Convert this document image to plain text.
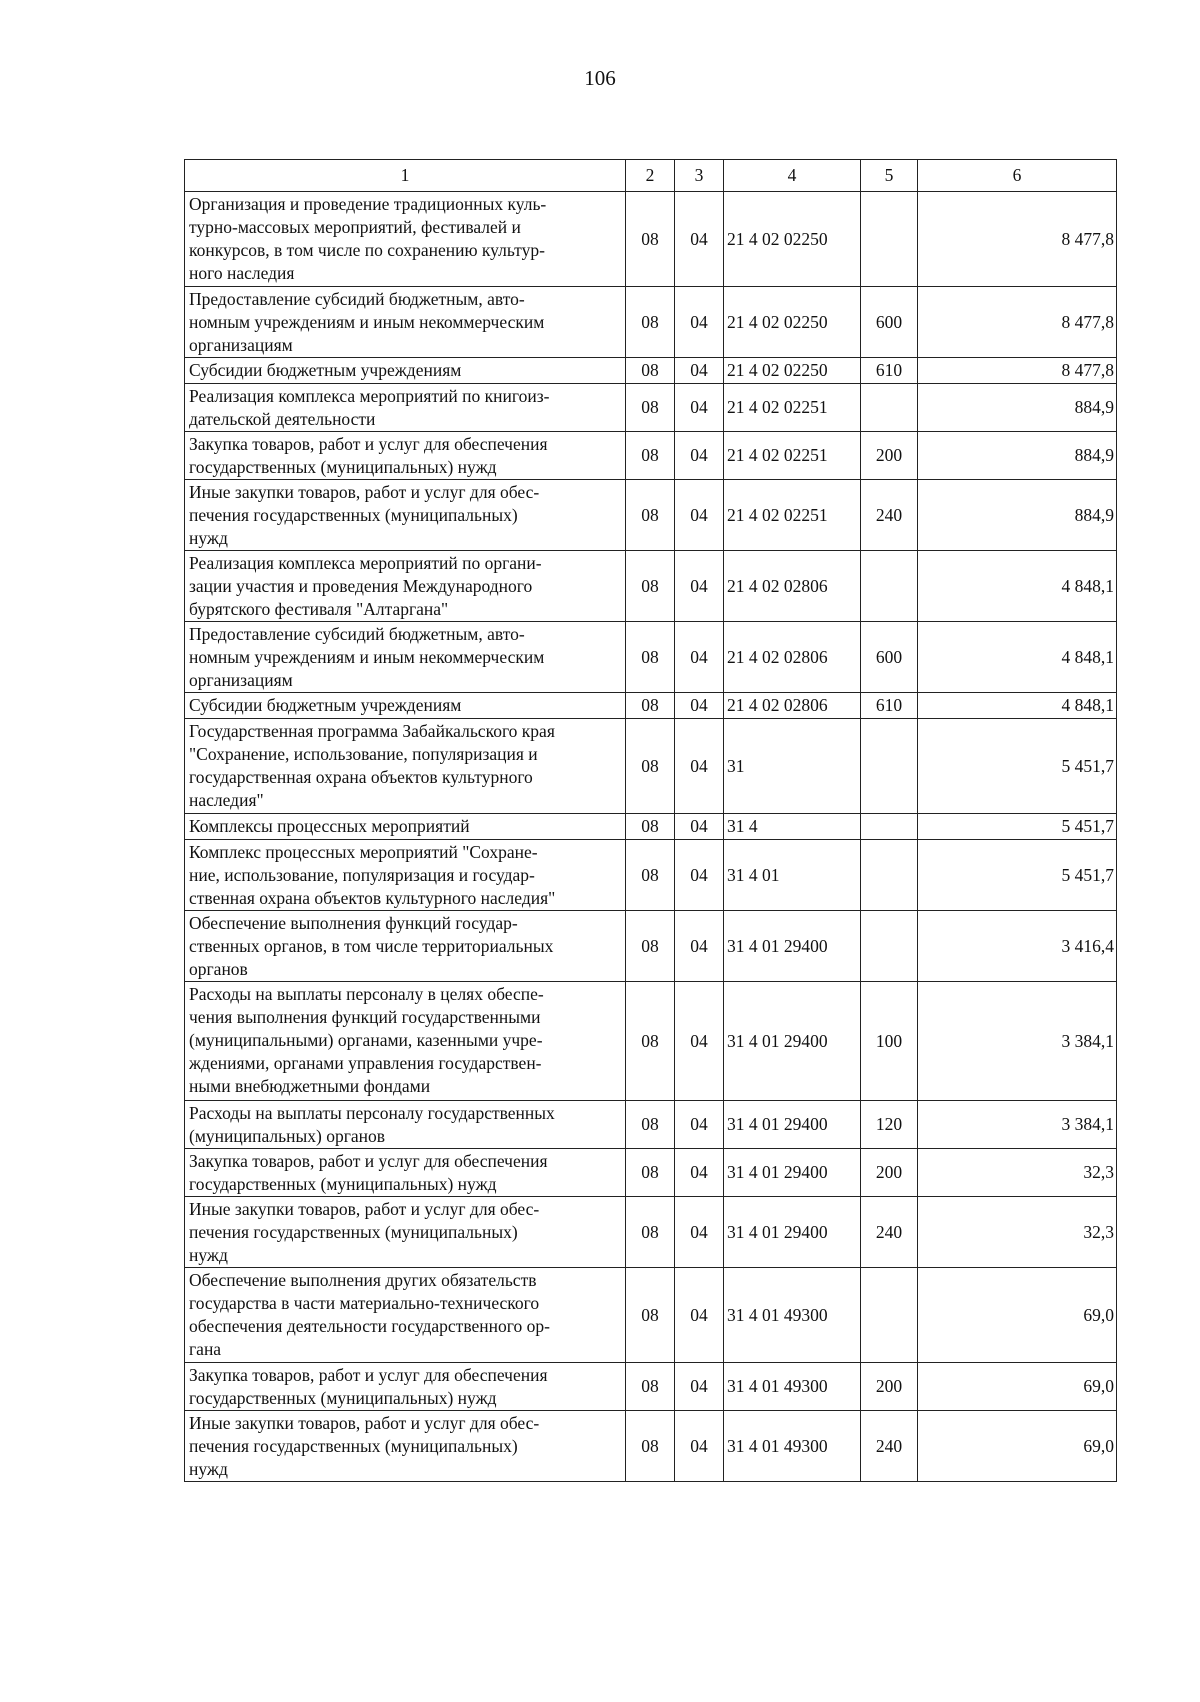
106
1	2	3	4	5	6
Организация и проведение традиционных куль-
турно-массовых мероприятий, фестивалей и
конкурсов, в том числе по сохранению культур-
ного наследия	08	04	21 4 02 02250		8 477,8
Предоставление субсидий бюджетным, авто-
номным учреждениям и иным некоммерческим
организациям	08	04	21 4 02 02250	600	8 477,8
Субсидии бюджетным учреждениям	08	04	21 4 02 02250	610	8 477,8
Реализация комплекса мероприятий по книгоиз-
дательской деятельности	08	04	21 4 02 02251		884,9
Закупка товаров, работ и услуг для обеспечения
государственных (муниципальных) нужд	08	04	21 4 02 02251	200	884,9
Иные закупки товаров, работ и услуг для обес-
печения государственных (муниципальных)
нужд	08	04	21 4 02 02251	240	884,9
Реализация комплекса мероприятий по органи-
зации участия и проведения Международного
бурятского фестиваля "Алтаргана"	08	04	21 4 02 02806		4 848,1
Предоставление субсидий бюджетным, авто-
номным учреждениям и иным некоммерческим
организациям	08	04	21 4 02 02806	600	4 848,1
Субсидии бюджетным учреждениям	08	04	21 4 02 02806	610	4 848,1
Государственная программа Забайкальского края
"Сохранение, использование, популяризация и
государственная охрана объектов культурного
наследия"	08	04	31		5 451,7
Комплексы процессных мероприятий	08	04	31 4		5 451,7
Комплекс процессных мероприятий "Сохране-
ние, использование, популяризация и государ-
ственная охрана объектов культурного наследия"	08	04	31 4 01		5 451,7
Обеспечение выполнения функций государ-
ственных органов, в том числе территориальных
органов	08	04	31 4 01 29400		3 416,4
Расходы на выплаты персоналу в целях обеспе-
чения выполнения функций государственными
(муниципальными) органами, казенными учре-
ждениями, органами управления государствен-
ными внебюджетными фондами	08	04	31 4 01 29400	100	3 384,1
Расходы на выплаты персоналу государственных
(муниципальных) органов	08	04	31 4 01 29400	120	3 384,1
Закупка товаров, работ и услуг для обеспечения
государственных (муниципальных) нужд	08	04	31 4 01 29400	200	32,3
Иные закупки товаров, работ и услуг для обес-
печения государственных (муниципальных)
нужд	08	04	31 4 01 29400	240	32,3
Обеспечение выполнения других обязательств
государства в части материально-технического
обеспечения деятельности государственного ор-
гана	08	04	31 4 01 49300		69,0
Закупка товаров, работ и услуг для обеспечения
государственных (муниципальных) нужд	08	04	31 4 01 49300	200	69,0
Иные закупки товаров, работ и услуг для обес-
печения государственных (муниципальных)
нужд	08	04	31 4 01 49300	240	69,0
